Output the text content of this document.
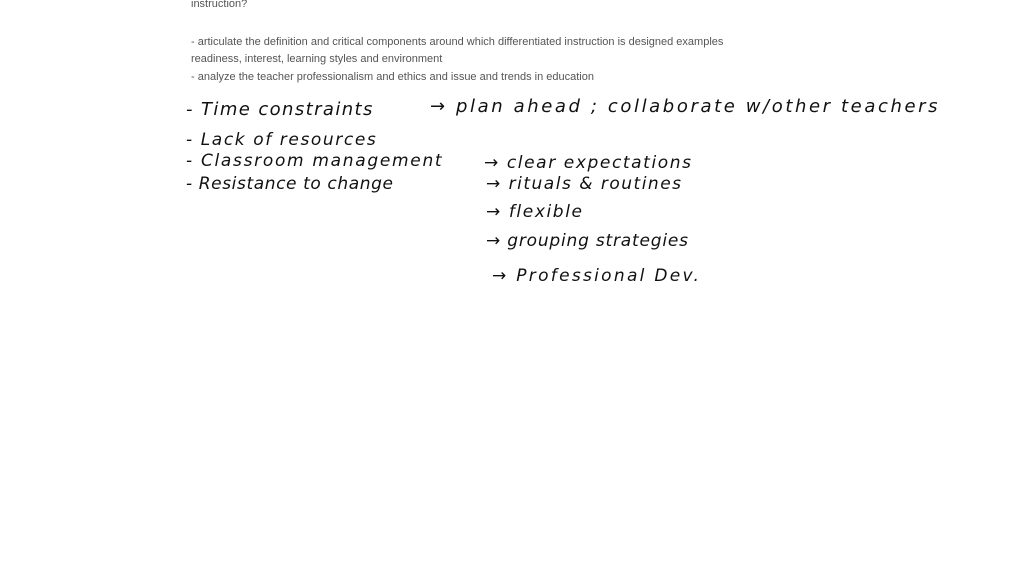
instruction?
- articulate the definition and critical components around which differentiated instruction is designed examples
readiness, interest, learning styles and environment
- analyze the teacher professionalism and ethics and issue and trends in education
- Time constraints	→ plan ahead ; collaborate w/other teachers
- Lack of resources
- Classroom management
- Resistance to change
→ clear expectations
→ rituals & routines
→ flexible
→ grouping strategies
→ Professional Dev.
